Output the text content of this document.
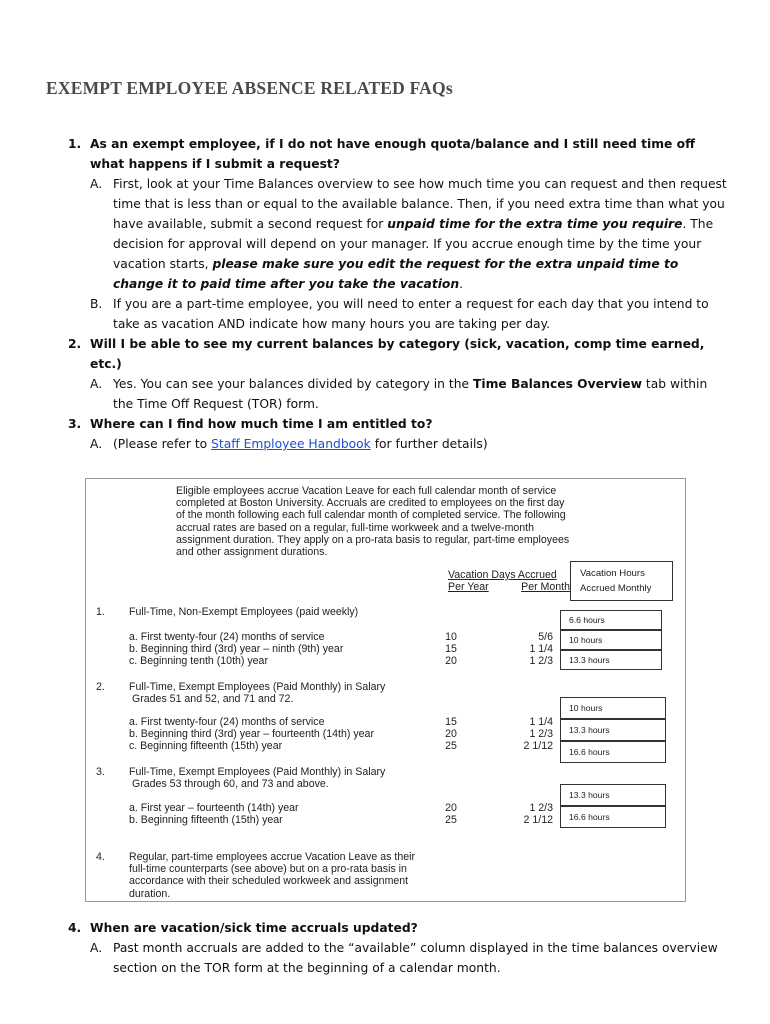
EXEMPT EMPLOYEE ABSENCE RELATED FAQs
1. As an exempt employee, if I do not have enough quota/balance and I still need time off what happens if I submit a request?
A. First, look at your Time Balances overview to see how much time you can request and then request time that is less than or equal to the available balance. Then, if you need extra time than what you have available, submit a second request for unpaid time for the extra time you require. The decision for approval will depend on your manager. If you accrue enough time by the time your vacation starts, please make sure you edit the request for the extra unpaid time to change it to paid time after you take the vacation.
B. If you are a part-time employee, you will need to enter a request for each day that you intend to take as vacation AND indicate how many hours you are taking per day.
2. Will I be able to see my current balances by category (sick, vacation, comp time earned, etc.)
A. Yes. You can see your balances divided by category in the Time Balances Overview tab within the Time Off Request (TOR) form.
3. Where can I find how much time I am entitled to?
A. (Please refer to Staff Employee Handbook for further details)
Eligible employees accrue Vacation Leave for each full calendar month of service completed at Boston University. Accruals are credited to employees on the first day of the month following each full calendar month of completed service. The following accrual rates are based on a regular, full-time workweek and a twelve-month assignment duration. They apply on a pro-rata basis to regular, part-time employees and other assignment durations.
Vacation Days Accrued
Per Year	Per Month
Vacation Hours
Accrued Monthly
1. Full-Time, Non-Exempt Employees (paid weekly)
a. First twenty-four (24) months of service
b. Beginning third (3rd) year – ninth (9th) year
c. Beginning tenth (10th) year
10
15
20
5/6
1 1/4
1 2/3
6.6 hours
10 hours
13.3 hours
2. Full-Time, Exempt Employees (Paid Monthly) in Salary
Grades 51 and 52, and 71 and 72.
a. First twenty-four (24) months of service
b. Beginning third (3rd) year – fourteenth (14th) year
c. Beginning fifteenth (15th) year
15
20
25
1 1/4
1 2/3
2 1/12
10 hours
13.3 hours
16.6 hours
3. Full-Time, Exempt Employees (Paid Monthly) in Salary
Grades 53 through 60, and 73 and above.
a. First year – fourteenth (14th) year
b. Beginning fifteenth (15th) year
20
25
1 2/3
2 1/12
13.3 hours
16.6 hours
4. Regular, part-time employees accrue Vacation Leave as their full-time counterparts (see above) but on a pro-rata basis in accordance with their scheduled workweek and assignment duration.
4. When are vacation/sick time accruals updated?
A. Past month accruals are added to the “available” column displayed in the time balances overview section on the TOR form at the beginning of a calendar month.
